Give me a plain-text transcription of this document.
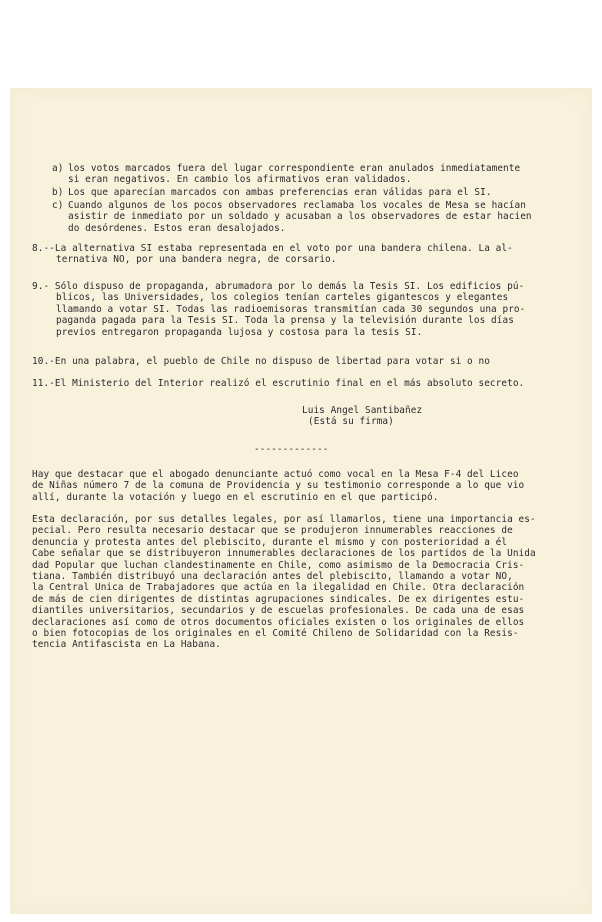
a) los votos marcados fuera del lugar correspondiente eran anulados inmediatamente
si eran negativos. En cambio los afirmativos eran validados.
b) Los que aparecían marcados con ambas preferencias eran válidas para el SI.
c) Cuando algunos de los pocos observadores reclamaba los vocales de Mesa se hacían
asistir de inmediato por un soldado y acusaban a los observadores de estar hacien
do desórdenes. Estos eran desalojados.
8.--La alternativa SI estaba representada en el voto por una bandera chilena. La al-
ternativa NO, por una bandera negra, de corsario.
9.- Sólo dispuso de propaganda, abrumadora por lo demás la Tesis SI. Los edificios pú-
blicos, las Universidades, los colegios tenían carteles gigantescos y elegantes
llamando a votar SI. Todas las radioemisoras transmitían cada 30 segundos una pro-
paganda pagada para la Tesis SI. Toda la prensa y la televisión durante los días
previos entregaron propaganda lujosa y costosa para la tesis SI.
10.-En una palabra, el pueblo de Chile no dispuso de libertad para votar si o no
11.-El Ministerio del Interior realizó el escrutinio final en el más absoluto secreto.
Luis Angel Santibañez
(Está su firma)
-------------
Hay que destacar que el abogado denunciante actuó como vocal en la Mesa F-4 del Liceo
de Niñas número 7 de la comuna de Providencia y su testimonio corresponde a lo que vio
allí, durante la votación y luego en el escrutinio en el que participó.
Esta declaración, por sus detalles legales, por así llamarlos, tiene una importancia es-
pecial. Pero resulta necesario destacar que se produjeron innumerables reacciones de
denuncia y protesta antes del plebiscito, durante el mismo y con posterioridad a él
Cabe señalar que se distribuyeron innumerables declaraciones de los partidos de la Unida
dad Popular que luchan clandestinamente en Chile, como asimismo de la Democracia Cris-
tiana. También distribuyó una declaración antes del plebiscito, llamando a votar NO,
la Central Unica de Trabajadores que actúa en la ilegalidad en Chile. Otra declaración
de más de cien dirigentes de distintas agrupaciones sindicales. De ex dirigentes estu-
diantiles universitarios, secundarios y de escuelas profesionales. De cada una de esas
declaraciones así como de otros documentos oficiales existen o los originales de ellos
o bien fotocopias de los originales en el Comité Chileno de Solidaridad con la Resis-
tencia Antifascista en La Habana.
